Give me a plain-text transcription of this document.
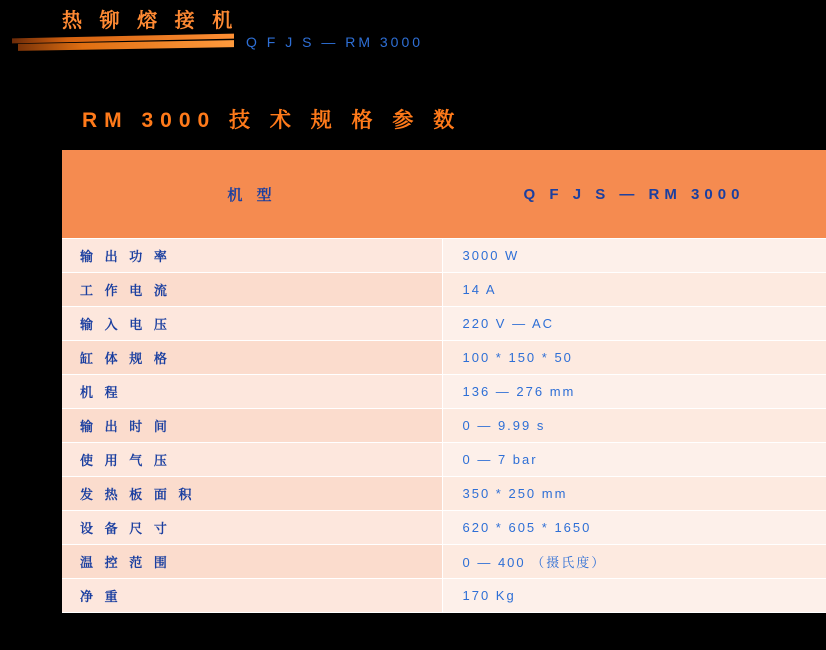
热 铆 熔 接 机
Q F J S — RM 3000
RM 3000 技 术 规 格 参 数
机 型	Q F J S — RM 3000
输 出 功 率	3000 W
工 作 电 流	14 A
输 入 电 压	220 V — AC
缸 体 规 格	100 * 150 * 50
机 程	136 — 276 mm
输 出 时 间	0 — 9.99 s
使 用 气 压	0 — 7 bar
发 热 板 面 积	350 * 250 mm
设 备 尺 寸	620 * 605 * 1650
温 控 范 围	0 — 400 （摄氏度）
净 重	170 Kg
